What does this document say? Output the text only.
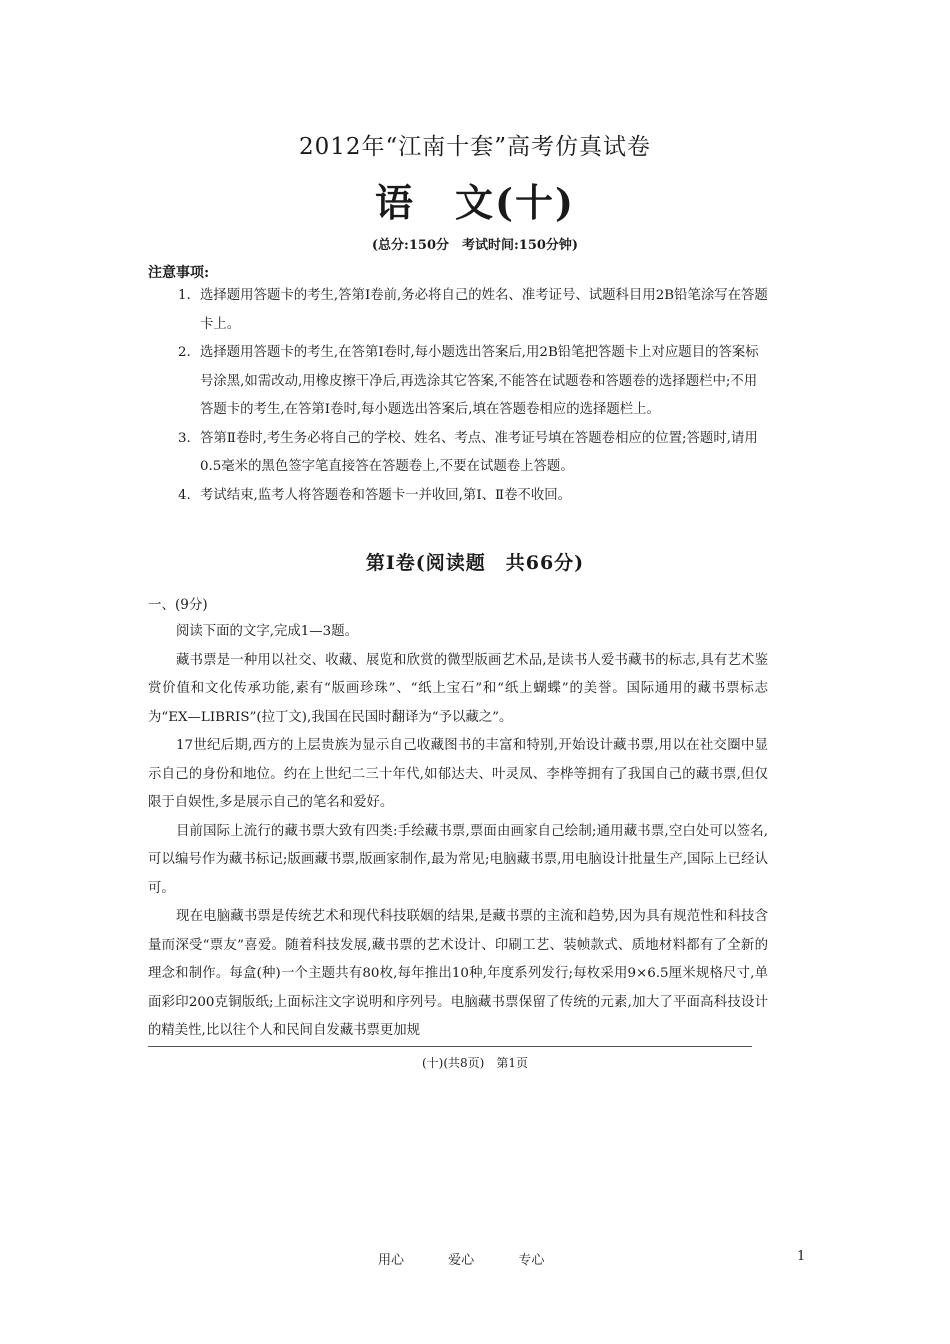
2012年“江南十套”高考仿真试卷
语　文(十)
(总分:150分　考试时间:150分钟)
注意事项:
1. 选择题用答题卡的考生,答第Ⅰ卷前,务必将自己的姓名、准考证号、试题科目用2B铅笔涂写在答题卡上。
2. 选择题用答题卡的考生,在答第Ⅰ卷时,每小题选出答案后,用2B铅笔把答题卡上对应题目的答案标号涂黑,如需改动,用橡皮擦干净后,再选涂其它答案,不能答在试题卷和答题卷的选择题栏中;不用答题卡的考生,在答第Ⅰ卷时,每小题选出答案后,填在答题卷相应的选择题栏上。
3. 答第Ⅱ卷时,考生务必将自己的学校、姓名、考点、准考证号填在答题卷相应的位置;答题时,请用0.5毫米的黑色签字笔直接答在答题卷上,不要在试题卷上答题。
4. 考试结束,监考人将答题卷和答题卡一并收回,第Ⅰ、Ⅱ卷不收回。
第Ⅰ卷(阅读题　共66分)
一、(9分)

阅读下面的文字,完成1—3题。

藏书票是一种用以社交、收藏、展览和欣赏的微型版画艺术品,是读书人爱书藏书的标志,具有艺术鉴赏价值和文化传承功能,素有“版画珍珠”、“纸上宝石”和“纸上蝴蝶”的美誉。国际通用的藏书票标志为“EX—LIBRIS”(拉丁文),我国在民国时翻译为“予以藏之”。

17世纪后期,西方的上层贵族为显示自己收藏图书的丰富和特别,开始设计藏书票,用以在社交圈中显示自己的身份和地位。约在上世纪二三十年代,如郁达夫、叶灵凤、李桦等拥有了我国自己的藏书票,但仅限于自娱性,多是展示自己的笔名和爱好。

目前国际上流行的藏书票大致有四类:手绘藏书票,票面由画家自己绘制;通用藏书票,空白处可以签名,可以编号作为藏书标记;版画藏书票,版画家制作,最为常见;电脑藏书票,用电脑设计批量生产,国际上已经认可。

现在电脑藏书票是传统艺术和现代科技联姻的结果,是藏书票的主流和趋势,因为具有规范性和科技含量而深受“票友”喜爱。随着科技发展,藏书票的艺术设计、印刷工艺、装帧款式、质地材料都有了全新的理念和制作。每盒(种)一个主题共有80枚,每年推出10种,年度系列发行;每枚采用9×6.5厘米规格尺寸,单面彩印200克铜版纸;上面标注文字说明和序列号。电脑藏书票保留了传统的元素,加大了平面高科技设计的精美性,比以往个人和民间自发藏书票更加规

(十)(共8页)　第1页
用心	爱心	专心	1
